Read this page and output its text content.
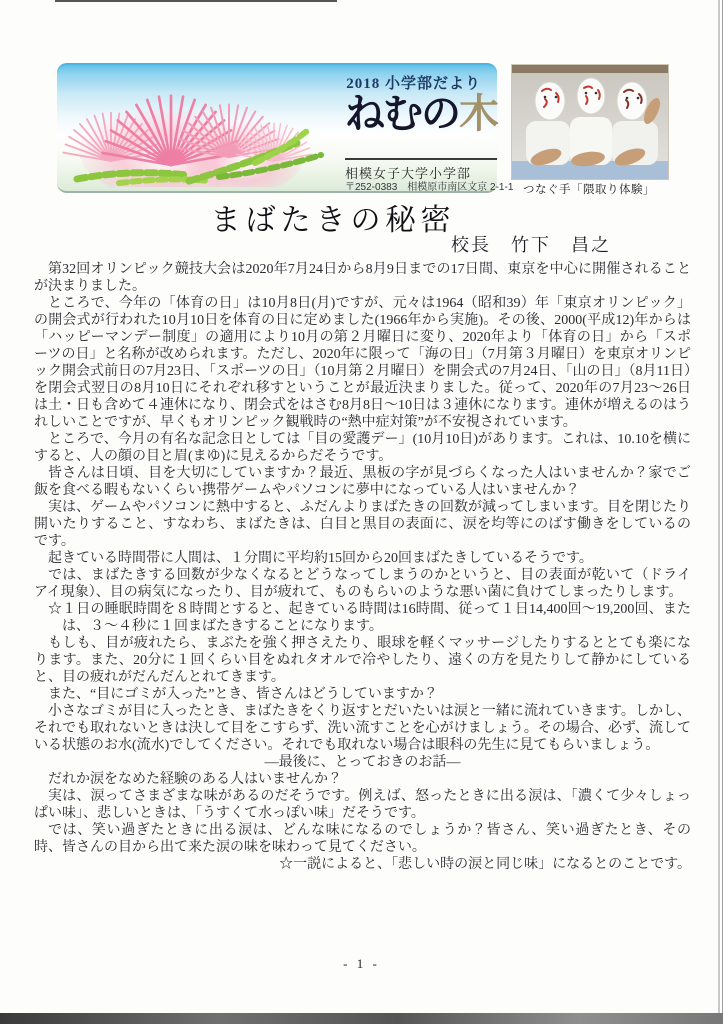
2018 小学部だより
ねむの木
相模女子大学小学部
〒252-0383　相模原市南区文京 2-1-1 つなぐ手「隈取り体験」
まばたきの秘密
校長　竹下　昌之

第32回オリンピック競技大会は2020年7月24日から8月9日までの17日間、東京を中心に開催されることが決まりました。

ところで、今年の「体育の日」は10月8日(月)ですが、元々は1964（昭和39）年「東京オリンピック」の開会式が行われた10月10日を体育の日に定めました(1966年から実施)。その後、2000(平成12)年からは「ハッピーマンデー制度」の適用により10月の第２月曜日に変り、2020年より「体育の日」から「スポーツの日」と名称が改められます。ただし、2020年に限って「海の日」（7月第３月曜日）を東京オリンピック開会式前日の7月23日、「スポーツの日」（10月第２月曜日）を開会式の7月24日、「山の日」（8月11日）を閉会式翌日の8月10日にそれぞれ移すということが最近決まりました。従って、2020年の7月23～26日は土・日も含めて４連休になり、閉会式をはさむ8月8日～10日は３連休になります。連休が増えるのはうれしいことですが、早くもオリンピック観戦時の“熱中症対策”が不安視されています。

ところで、今月の有名な記念日としては「目の愛護デー」(10月10日)があります。これは、10.10を横にすると、人の顔の目と眉(まゆ)に見えるからだそうです。

皆さんは日頃、目を大切にしていますか？最近、黒板の字が見づらくなった人はいませんか？家でご飯を食べる暇もないくらい携帯ゲームやパソコンに夢中になっている人はいませんか？

実は、ゲームやパソコンに熱中すると、ふだんよりまばたきの回数が減ってしまいます。目を閉じたり開いたりすること、すなわち、まばたきは、白目と黒目の表面に、涙を均等にのばす働きをしているのです。

起きている時間帯に人間は、１分間に平均約15回から20回まばたきしているそうです。

では、まばたきする回数が少なくなるとどうなってしまうのかというと、目の表面が乾いて（ドライアイ現象）、目の病気になったり、目が疲れて、ものもらいのような悪い菌に負けてしまったりします。

☆１日の睡眠時間を８時間とすると、起きている時間は16時間、従って１日14,400回～19,200回、または、３～４秒に１回まばたきすることになります。

もしも、目が疲れたら、まぶたを強く押さえたり、眼球を軽くマッサージしたりするととても楽になります。また、20分に１回くらい目をぬれタオルで冷やしたり、遠くの方を見たりして静かにしていると、目の疲れがだんだんとれてきます。

また、“目にゴミが入った”とき、皆さんはどうしていますか？

小さなゴミが目に入ったとき、まばたきをくり返すとだいたいは涙と一緒に流れていきます。しかし、それでも取れないときは決して目をこすらず、洗い流すことを心がけましょう。その場合、必ず、流している状態のお水(流水)でしてください。それでも取れない場合は眼科の先生に見てもらいましょう。

―最後に、とっておきのお話―

だれか涙をなめた経験のある人はいませんか？

実は、涙ってさまざまな味があるのだそうです。例えば、怒ったときに出る涙は、「濃くて少々しょっぱい味」、悲しいときは、「うすくて水っぽい味」だそうです。

では、笑い過ぎたときに出る涙は、どんな味になるのでしょうか？皆さん、笑い過ぎたとき、その時、皆さんの目から出て来た涙の味を味わって見てください。

☆一説によると、「悲しい時の涙と同じ味」になるとのことです。

- 1 -
